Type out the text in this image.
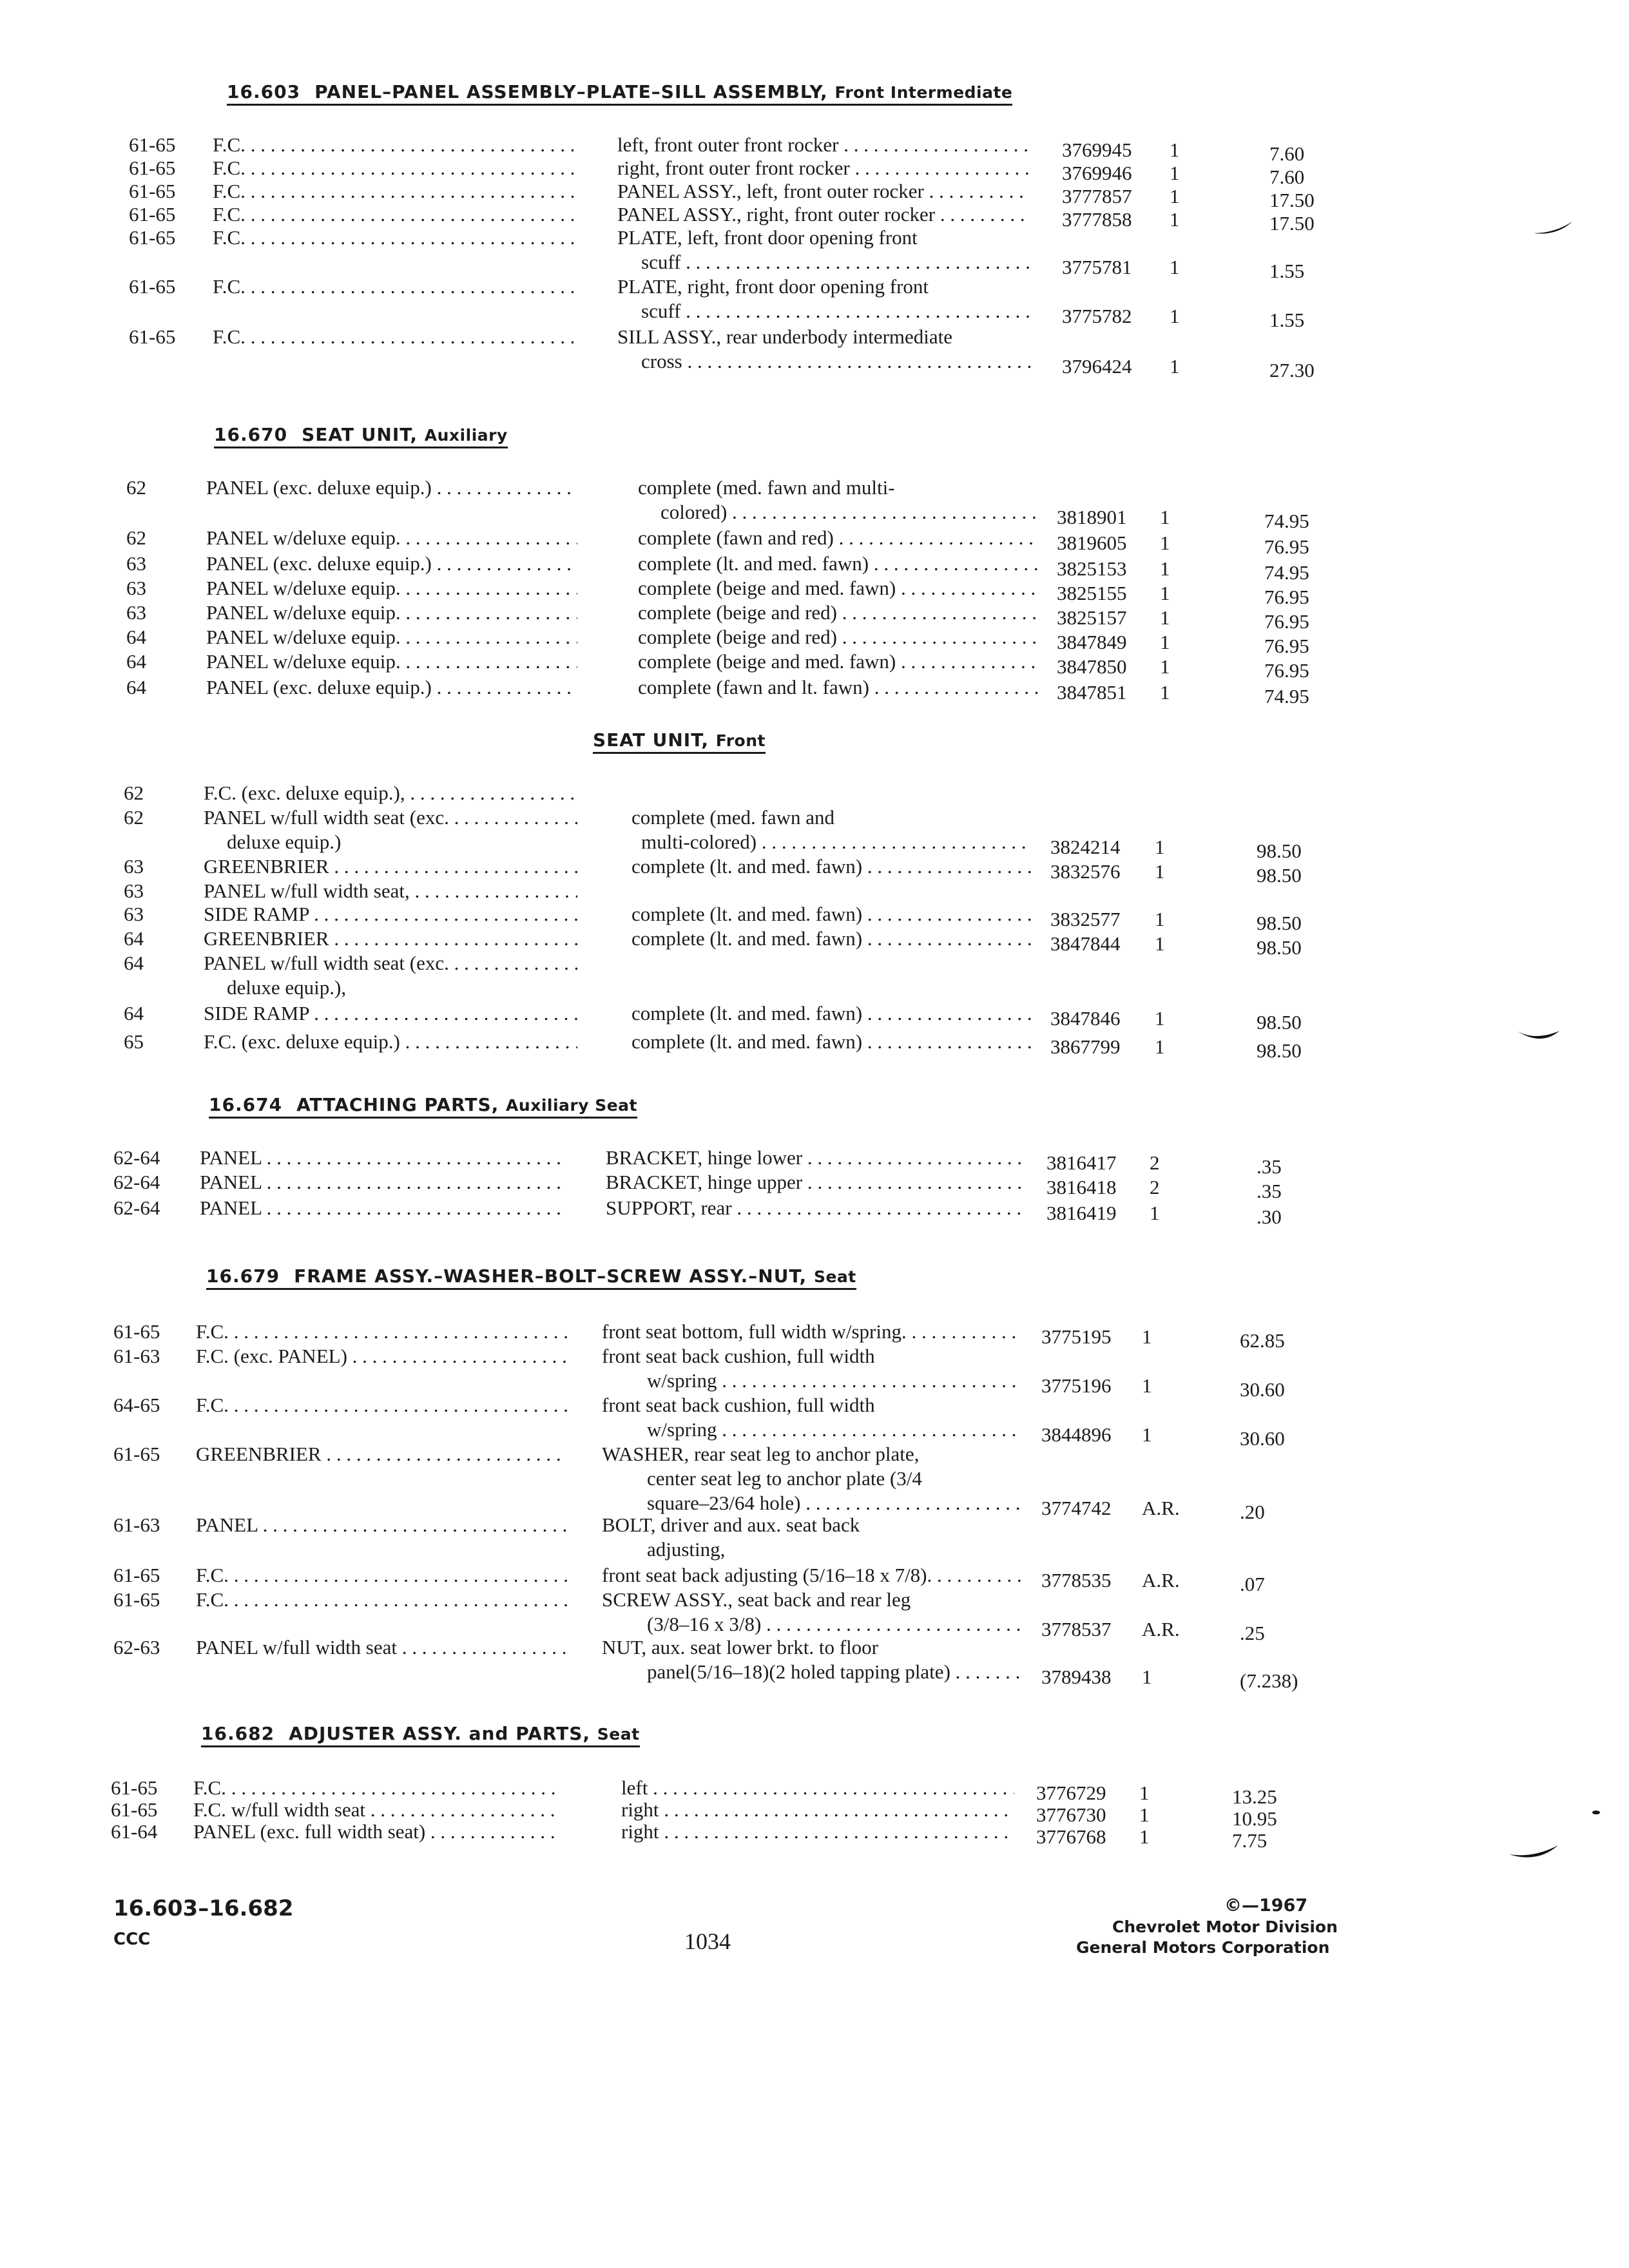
16.603 PANEL–PANEL ASSEMBLY–PLATE–SILL ASSEMBLY, Front Intermediate
61-65 F.C. . . .	left, front outer front rocker . . .	3769945 1	7.60
61-65 F.C. . . .	right, front outer front rocker . . .	3769946 1	7.60
61-65 F.C. . . .	PANEL ASSY., left, front outer rocker . . .	3777857 1	17.50
61-65 F.C. . . .	PANEL ASSY., right, front outer rocker . . .	3777858 1	17.50
61-65 F.C. . . .	PLATE, left, front door opening front
scuff . . .	3775781 1	1.55
61-65 F.C. . . .	PLATE, right, front door opening front
scuff . . .	3775782 1	1.55
61-65 F.C. . . .	SILL ASSY., rear underbody intermediate
cross . . .	3796424 1	27.30
16.670 SEAT UNIT, Auxiliary
62	PANEL (exc. deluxe equip.) . . .	complete (med. fawn and multi-
colored) . . .	3818901 1	74.95
62	PANEL w/deluxe equip. . . .	complete (fawn and red) . . .	3819605 1	76.95
63	PANEL (exc. deluxe equip.) . . .	complete (lt. and med. fawn) . . .	3825153 1	74.95
63	PANEL w/deluxe equip. . . .	complete (beige and med. fawn) . . .	3825155 1	76.95
63	PANEL w/deluxe equip. . . .	complete (beige and red) . . .	3825157 1	76.95
64	PANEL w/deluxe equip. . . .	complete (beige and red) . . .	3847849 1	76.95
64	PANEL w/deluxe equip. . . .	complete (beige and med. fawn) . . .	3847850 1	76.95
64	PANEL (exc. deluxe equip.) . . .	complete (fawn and lt. fawn) . . .	3847851 1	74.95
SEAT UNIT, Front
62	F.C. (exc. deluxe equip.), . . .
62	PANEL w/full width seat (exc. . . .
deluxe equip.)
complete (med. fawn and
multi-colored) . . .	3824214 1	98.50
63	GREENBRIER . . .	complete (lt. and med. fawn) . . .	3832576 1	98.50
63	PANEL w/full width seat, . . .
63	SIDE RAMP . . .	complete (lt. and med. fawn) . . .	3832577 1	98.50
64	GREENBRIER . . .	complete (lt. and med. fawn) . . .	3847844 1	98.50
64	PANEL w/full width seat (exc. . . .
deluxe equip.),
64	SIDE RAMP . . .	complete (lt. and med. fawn) . . .	3847846 1	98.50
65	F.C. (exc. deluxe equip.) . . .	complete (lt. and med. fawn) . . .	3867799 1	98.50
16.674 ATTACHING PARTS, Auxiliary Seat
62-64 PANEL . . .	BRACKET, hinge lower . . .	3816417 2	.35
62-64 PANEL . . .	BRACKET, hinge upper . . .	3816418 2	.35
62-64 PANEL . . .	SUPPORT, rear . . .	3816419 1	.30
16.679 FRAME ASSY.–WASHER–BOLT–SCREW ASSY.–NUT, Seat
61-65 F.C. . . .	front seat bottom, full width w/spring. . . .	3775195 1	62.85
61-63 F.C. (exc. PANEL) . . .	front seat back cushion, full width
w/spring . . .	3775196 1	30.60
64-65 F.C. . . .	front seat back cushion, full width
w/spring . . .	3844896 1	30.60
61-65 GREENBRIER . . .	WASHER, rear seat leg to anchor plate,
center seat leg to anchor plate (3/4
square–23/64 hole) . . .	3774742 A.R.	.20
61-63 PANEL . . .	BOLT, driver and aux. seat back
adjusting,
61-65 F.C. . . .	front seat back adjusting (5/16–18 x 7/8). . . .	3778535 A.R.	.07
61-65 F.C. . . .	SCREW ASSY., seat back and rear leg
(3/8–16 x 3/8) . . .	3778537 A.R.	.25
62-63 PANEL w/full width seat . . .	NUT, aux. seat lower brkt. to floor
panel(5/16–18)(2 holed tapping plate) . . .	3789438 1	(7.238)
16.682 ADJUSTER ASSY. and PARTS, Seat
61-65 F.C. . . .	left . . .	3776729 1	13.25
61-65 F.C. w/full width seat . . .	right . . .	3776730 1	10.95
61-64 PANEL (exc. full width seat) . . .	right . . .	3776768 1	7.75
16.603–16.682
CCC	1034
©—1967
Chevrolet Motor Division
General Motors Corporation
